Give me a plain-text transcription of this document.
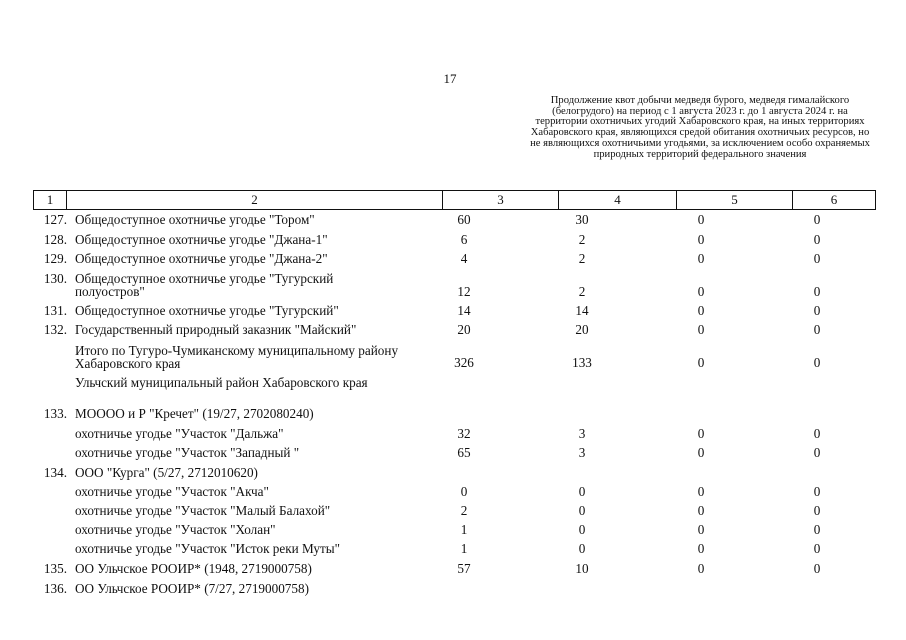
17
Продолжение квот добычи медведя бурого, медведя гималайского (белогрудого) на период с 1 августа 2023 г. до 1 августа 2024 г. на территории охотничьих угодий Хабаровского края, на иных территориях Хабаровского края, являющихся средой обитания охотничьих ресурсов, но не являющихся охотничьими угодьями, за исключением особо охраняемых природных территорий федерального значения
1	2	3	4	5	6
127. Общедоступное охотничье угодье "Тором"	60	30	0	0
128. Общедоступное охотничье угодье "Джана-1"	6	2	0	0
129. Общедоступное охотничье угодье "Джана-2"	4	2	0	0
130. Общедоступное охотничье угодье "Тугурский полуостров"	12	2	0	0
131. Общедоступное охотничье угодье "Тугурский"	14	14	0	0
132. Государственный природный заказник "Майский"	20	20	0	0
Итого по Тугуро-Чумиканскому муниципальному району Хабаровского края	326	133	0	0
Ульчский муниципальный район Хабаровского края
133. МОООО и Р "Кречет" (19/27, 2702080240)
охотничье угодье "Участок "Дальжа"	32	3	0	0
охотничье угодье "Участок "Западный "	65	3	0	0
134. ООО "Курга" (5/27, 2712010620)
охотничье угодье "Участок "Акча"	0	0	0	0
охотничье угодье "Участок "Малый Балахой"	2	0	0	0
охотничье угодье "Участок "Холан"	1	0	0	0
охотничье угодье "Участок "Исток реки Муты"	1	0	0	0
135. ОО Ульчское РООИР* (1948, 2719000758)	57	10	0	0
136. ОО Ульчское РООИР* (7/27, 2719000758)
